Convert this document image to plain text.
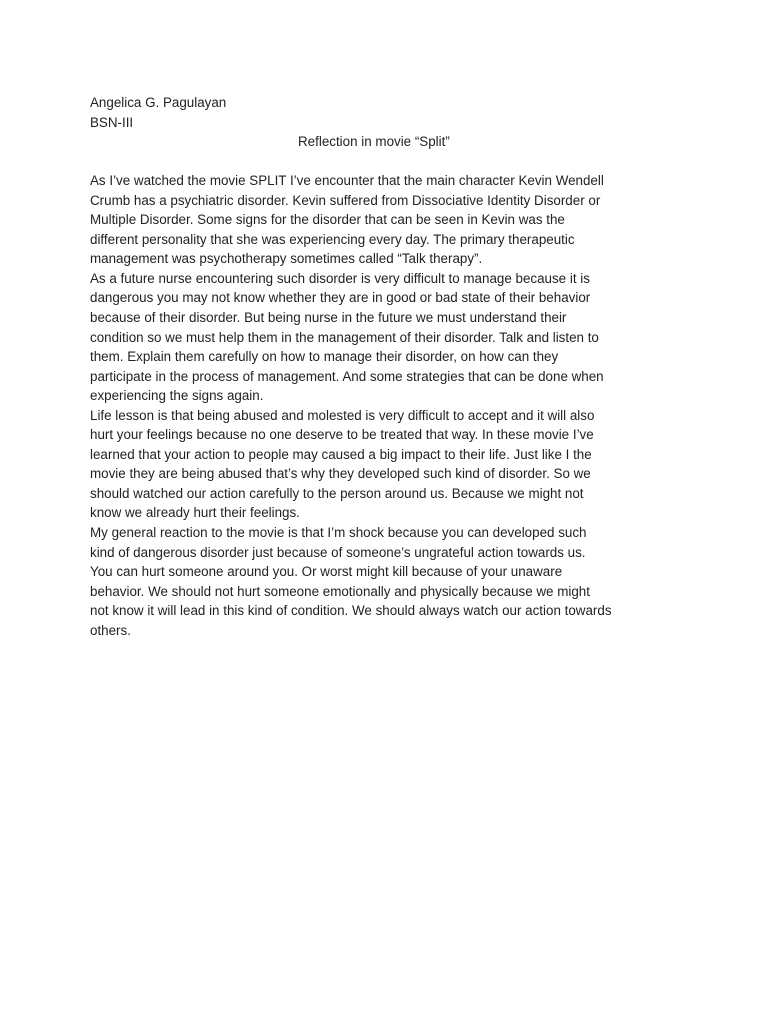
Angelica G. Pagulayan
BSN-III
Reflection in movie “Split”
As I’ve watched the movie SPLIT I’ve encounter that the main character Kevin Wendell
Crumb has a psychiatric disorder. Kevin suffered from Dissociative Identity Disorder or
Multiple Disorder. Some signs for the disorder that can be seen in Kevin was the
different personality that she was experiencing every day. The primary therapeutic
management was psychotherapy sometimes called “Talk therapy”.
As a future nurse encountering such disorder is very difficult to manage because it is
dangerous you may not know whether they are in good or bad state of their behavior
because of their disorder. But being nurse in the future we must understand their
condition so we must help them in the management of their disorder. Talk and listen to
them. Explain them carefully on how to manage their disorder, on how can they
participate in the process of management. And some strategies that can be done when
experiencing the signs again.
Life lesson is that being abused and molested is very difficult to accept and it will also
hurt your feelings because no one deserve to be treated that way. In these movie I’ve
learned that your action to people may caused a big impact to their life. Just like I the
movie they are being abused that’s why they developed such kind of disorder. So we
should watched our action carefully to the person around us. Because we might not
know we already hurt their feelings.
My general reaction to the movie is that I’m shock because you can developed such
kind of dangerous disorder just because of someone’s ungrateful action towards us.
You can hurt someone around you. Or worst might kill because of your unaware
behavior. We should not hurt someone emotionally and physically because we might
not know it will lead in this kind of condition. We should always watch our action towards
others.
